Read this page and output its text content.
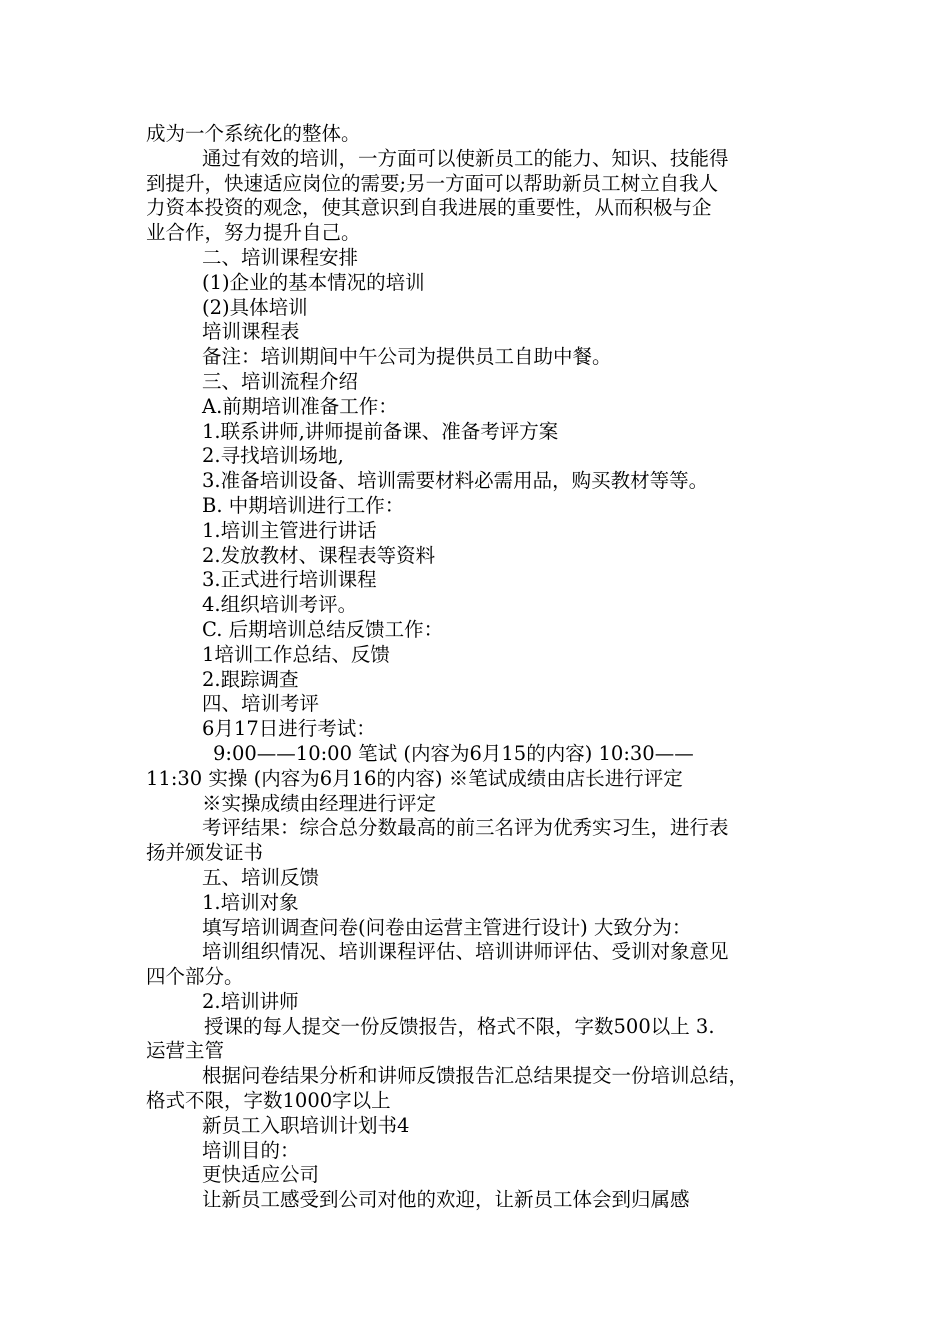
成为一个系统化的整体。
通过有效的培训，一方面可以使新员工的能力、知识、技能得
到提升，快速适应岗位的需要;另一方面可以帮助新员工树立自我人
力资本投资的观念，使其意识到自我进展的重要性，从而积极与企
业合作，努力提升自己。
二、培训课程安排
(1)企业的基本情况的培训
(2)具体培训
培训课程表
备注：培训期间中午公司为提供员工自助中餐。
三、培训流程介绍
A.前期培训准备工作：
1.联系讲师,讲师提前备课、准备考评方案
2.寻找培训场地,
3.准备培训设备、培训需要材料必需用品，购买教材等等。
B. 中期培训进行工作：
1.培训主管进行讲话
2.发放教材、课程表等资料
3.正式进行培训课程
4.组织培训考评。
C. 后期培训总结反馈工作：
1培训工作总结、反馈
2.跟踪调查
四、培训考评
6月17日进行考试：
9:00——10:00 笔试 (内容为6月15的内容) 10:30——
11:30 实操 (内容为6月16的内容) ※笔试成绩由店长进行评定
※实操成绩由经理进行评定
考评结果：综合总分数最高的前三名评为优秀实习生，进行表
扬并颁发证书
五、培训反馈
1.培训对象
填写培训调查问卷(问卷由运营主管进行设计) 大致分为：
培训组织情况、培训课程评估、培训讲师评估、受训对象意见
四个部分。
2.培训讲师
授课的每人提交一份反馈报告，格式不限，字数500以上 3.
运营主管
根据问卷结果分析和讲师反馈报告汇总结果提交一份培训总结，
格式不限，字数1000字以上
新员工入职培训计划书4
培训目的：
更快适应公司
让新员工感受到公司对他的欢迎，让新员工体会到归属感
